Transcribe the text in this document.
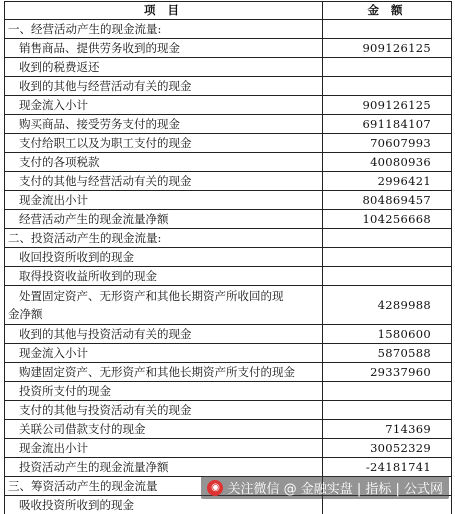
项 目	金 额
一、经营活动产生的现金流量:	
销售商品、提供劳务收到的现金	909126125
收到的税费返还	
收到的其他与经营活动有关的现金	
现金流入小计	909126125
购买商品、接受劳务支付的现金	691184107
支付给职工以及为职工支付的现金	70607993
支付的各项税款	40080936
支付的其他与经营活动有关的现金	2996421
现金流出小计	804869457
经营活动产生的现金流量净额	104256668
二、投资活动产生的现金流量:	
收回投资所收到的现金	
取得投资收益所收到的现金	
处置固定资产、无形资产和其他长期资产所收回的现
金净额	4289988
收到的其他与投资活动有关的现金	1580600
现金流入小计	5870588
购建固定资产、无形资产和其他长期资产所支付的现金	29337960
投资所支付的现金	
支付的其他与投资活动有关的现金	
关联公司借款支付的现金	714369
现金流出小计	30052329
投资活动产生的现金流量净额	-24181741
三、筹资活动产生的现金流量	
吸收投资所收到的现金	
◉ 关注微信 @ 金融实盘 | 指标 | 公式网
